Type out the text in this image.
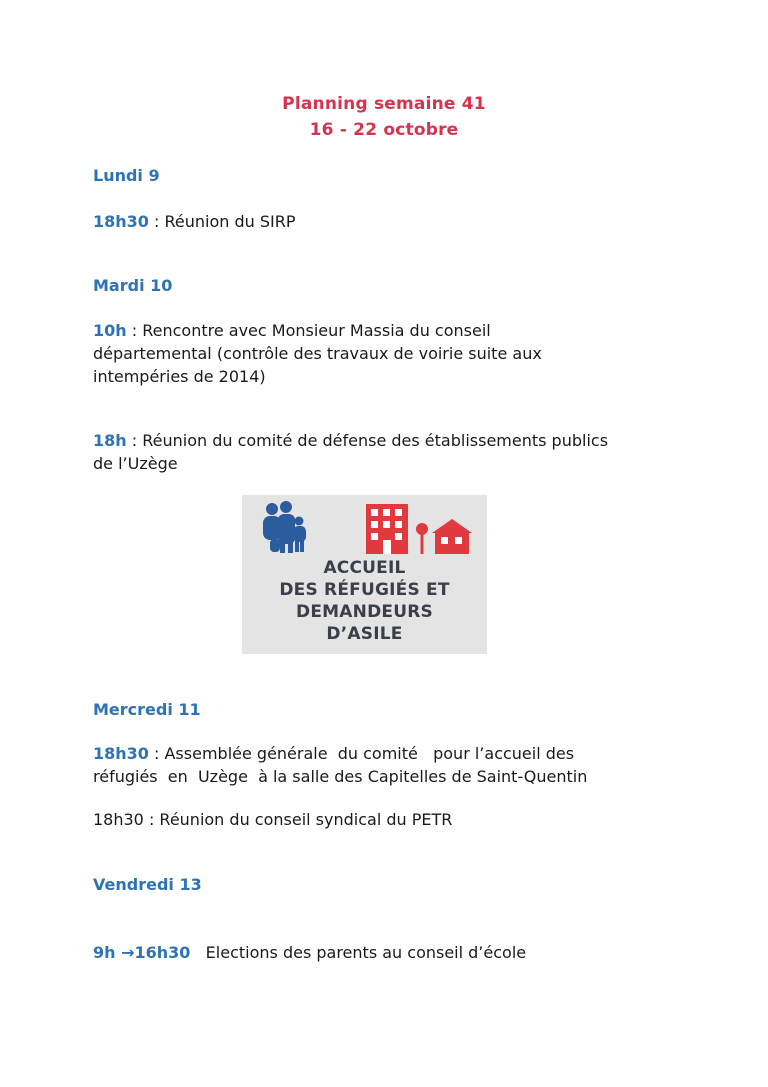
Planning semaine 41
16 - 22 octobre
Lundi 9
18h30 : Réunion du SIRP
Mardi 10
10h : Rencontre avec Monsieur Massia du conseil
départemental (contrôle des travaux de voirie suite aux
intempéries de 2014)
18h : Réunion du comité de défense des établissements publics
de l’Uzège
ACCUEIL
DES RÉFUGIÉS ET
DEMANDEURS
D’ASILE
Mercredi 11
18h30 : Assemblée générale  du comité   pour l’accueil des
réfugiés  en  Uzège  à la salle des Capitelles de Saint-Quentin
18h30 : Réunion du conseil syndical du PETR
Vendredi 13
9h →16h30   Elections des parents au conseil d’école
